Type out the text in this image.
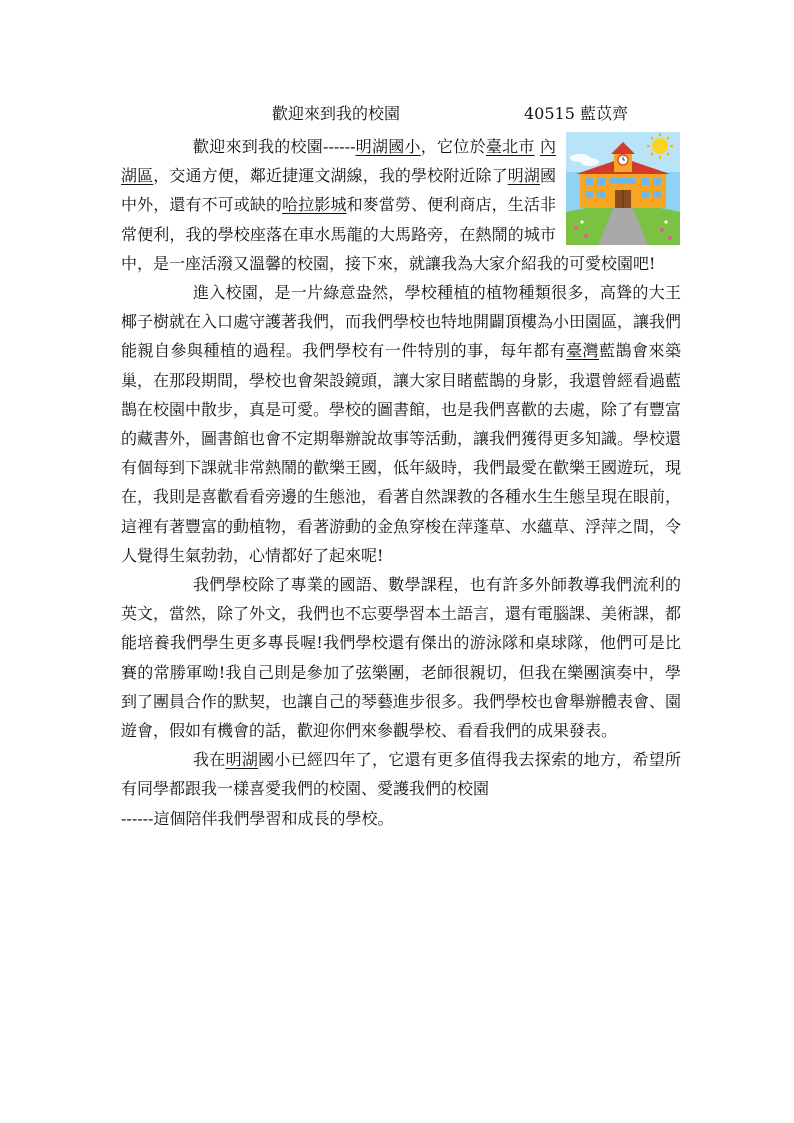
歡迎來到我的校園	40515 藍苡齊

歡迎來到我的校園------明湖國小，它位於臺北市 內湖區，交通方便，鄰近捷運文湖線，我的學校附近除了明湖國中外，還有不可或缺的哈拉影城和麥當勞、便利商店，生活非常便利，我的學校座落在車水馬龍的大馬路旁，在熱鬧的城市中，是一座活潑又溫馨的校園，接下來，就讓我為大家介紹我的可愛校園吧!

進入校園，是一片綠意盎然，學校種植的植物種類很多，高聳的大王椰子樹就在入口處守護著我們，而我們學校也特地開闢頂樓為小田園區，讓我們能親自參與種植的過程。我們學校有一件特別的事，每年都有臺灣藍鵲會來築巢，在那段期間，學校也會架設鏡頭，讓大家目睹藍鵲的身影，我還曾經看過藍鵲在校園中散步，真是可愛。學校的圖書館，也是我們喜歡的去處，除了有豐富的藏書外，圖書館也會不定期舉辦說故事等活動，讓我們獲得更多知識。學校還有個每到下課就非常熱鬧的歡樂王國，低年級時，我們最愛在歡樂王國遊玩，現在，我則是喜歡看看旁邊的生態池，看著自然課教的各種水生生態呈現在眼前，這裡有著豐富的動植物，看著游動的金魚穿梭在萍蓬草、水蘊草、浮萍之間，令人覺得生氣勃勃，心情都好了起來呢!

我們學校除了專業的國語、數學課程，也有許多外師教導我們流利的英文，當然，除了外文，我們也不忘要學習本土語言，還有電腦課、美術課，都能培養我們學生更多專長喔!我們學校還有傑出的游泳隊和桌球隊，他們可是比賽的常勝軍呦!我自己則是參加了弦樂團，老師很親切，但我在樂團演奏中，學到了團員合作的默契，也讓自己的琴藝進步很多。我們學校也會舉辦體表會、園遊會，假如有機會的話，歡迎你們來參觀學校、看看我們的成果發表。

我在明湖國小已經四年了，它還有更多值得我去探索的地方，希望所有同學都跟我一樣喜愛我們的校園、愛護我們的校園
------這個陪伴我們學習和成長的學校。
